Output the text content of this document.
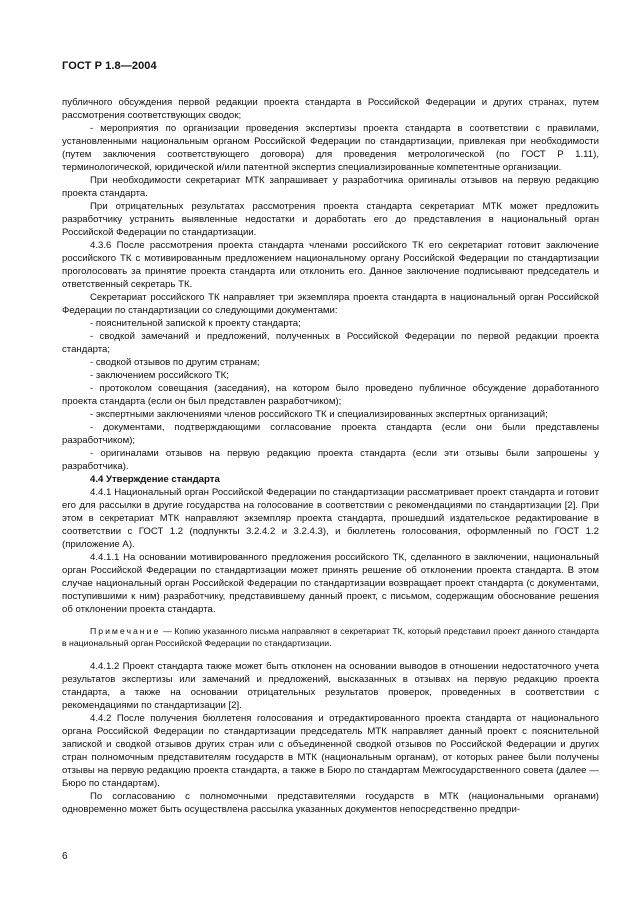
ГОСТ Р 1.8—2004

публичного обсуждения первой редакции проекта стандарта в Российской Федерации и других странах, путем рассмотрения соответствующих сводок;

- мероприятия по организации проведения экспертизы проекта стандарта в соответствии с правилами, установленными национальным органом Российской Федерации по стандартизации, привлекая при необходимости (путем заключения соответствующего договора) для проведения метрологической (по ГОСТ Р 1.11), терминологической, юридической и/или патентной экспертиз специализированные компетентные организации.

При необходимости секретариат МТК запрашивает у разработчика оригиналы отзывов на первую редакцию проекта стандарта.

При отрицательных результатах рассмотрения проекта стандарта секретариат МТК может предложить разработчику устранить выявленные недостатки и доработать его до представления в национальный орган Российской Федерации по стандартизации.

4.3.6 После рассмотрения проекта стандарта членами российского ТК его секретариат готовит заключение российского ТК с мотивированным предложением национальному органу Российской Федерации по стандартизации проголосовать за принятие проекта стандарта или отклонить его. Данное заключение подписывают председатель и ответственный секретарь ТК.

Секретариат российского ТК направляет три экземпляра проекта стандарта в национальный орган Российской Федерации по стандартизации со следующими документами:

- пояснительной запиской к проекту стандарта;

- сводкой замечаний и предложений, полученных в Российской Федерации по первой редакции проекта стандарта;

- сводкой отзывов по другим странам;

- заключением российского ТК;

- протоколом совещания (заседания), на котором было проведено публичное обсуждение доработанного проекта стандарта (если он был представлен разработчиком);

- экспертными заключениями членов российского ТК и специализированных экспертных организаций;

- документами, подтверждающими согласование проекта стандарта (если они были представлены разработчиком);

- оригиналами отзывов на первую редакцию проекта стандарта (если эти отзывы были запрошены у разработчика).

4.4 Утверждение стандарта

4.4.1 Национальный орган Российской Федерации по стандартизации рассматривает проект стандарта и готовит его для рассылки в другие государства на голосование в соответствии с рекомендациями по стандартизации [2]. При этом в секретариат МТК направляют экземпляр проекта стандарта, прошедший издательское редактирование в соответствии с ГОСТ 1.2 (подпункты 3.2.4.2 и 3.2.4.3), и бюллетень голосования, оформленный по ГОСТ 1.2 (приложение А).

4.4.1.1 На основании мотивированного предложения российского ТК, сделанного в заключении, национальный орган Российской Федерации по стандартизации может принять решение об отклонении проекта стандарта. В этом случае национальный орган Российской Федерации по стандартизации возвращает проект стандарта (с документами, поступившими к ним) разработчику, представившему данный проект, с письмом, содержащим обоснование решения об отклонении проекта стандарта.

Примечание — Копию указанного письма направляют в секретариат ТК, который представил проект данного стандарта в национальный орган Российской Федерации по стандартизации.

4.4.1.2 Проект стандарта также может быть отклонен на основании выводов в отношении недостаточного учета результатов экспертизы или замечаний и предложений, высказанных в отзывах на первую редакцию проекта стандарта, а также на основании отрицательных результатов проверок, проведенных в соответствии с рекомендациями по стандартизации [2].

4.4.2 После получения бюллетеня голосования и отредактированного проекта стандарта от национального органа Российской Федерации по стандартизации председатель МТК направляет данный проект с пояснительной запиской и сводкой отзывов других стран или с объединенной сводкой отзывов по Российской Федерации и других стран полномочным представителям государств в МТК (национальным органам), от которых ранее были получены отзывы на первую редакцию проекта стандарта, а также в Бюро по стандартам Межгосударственного совета (далее — Бюро по стандартам).

По согласованию с полномочными представителями государств в МТК (национальными органами) одновременно может быть осуществлена рассылка указанных документов непосредственно предпри-

6
